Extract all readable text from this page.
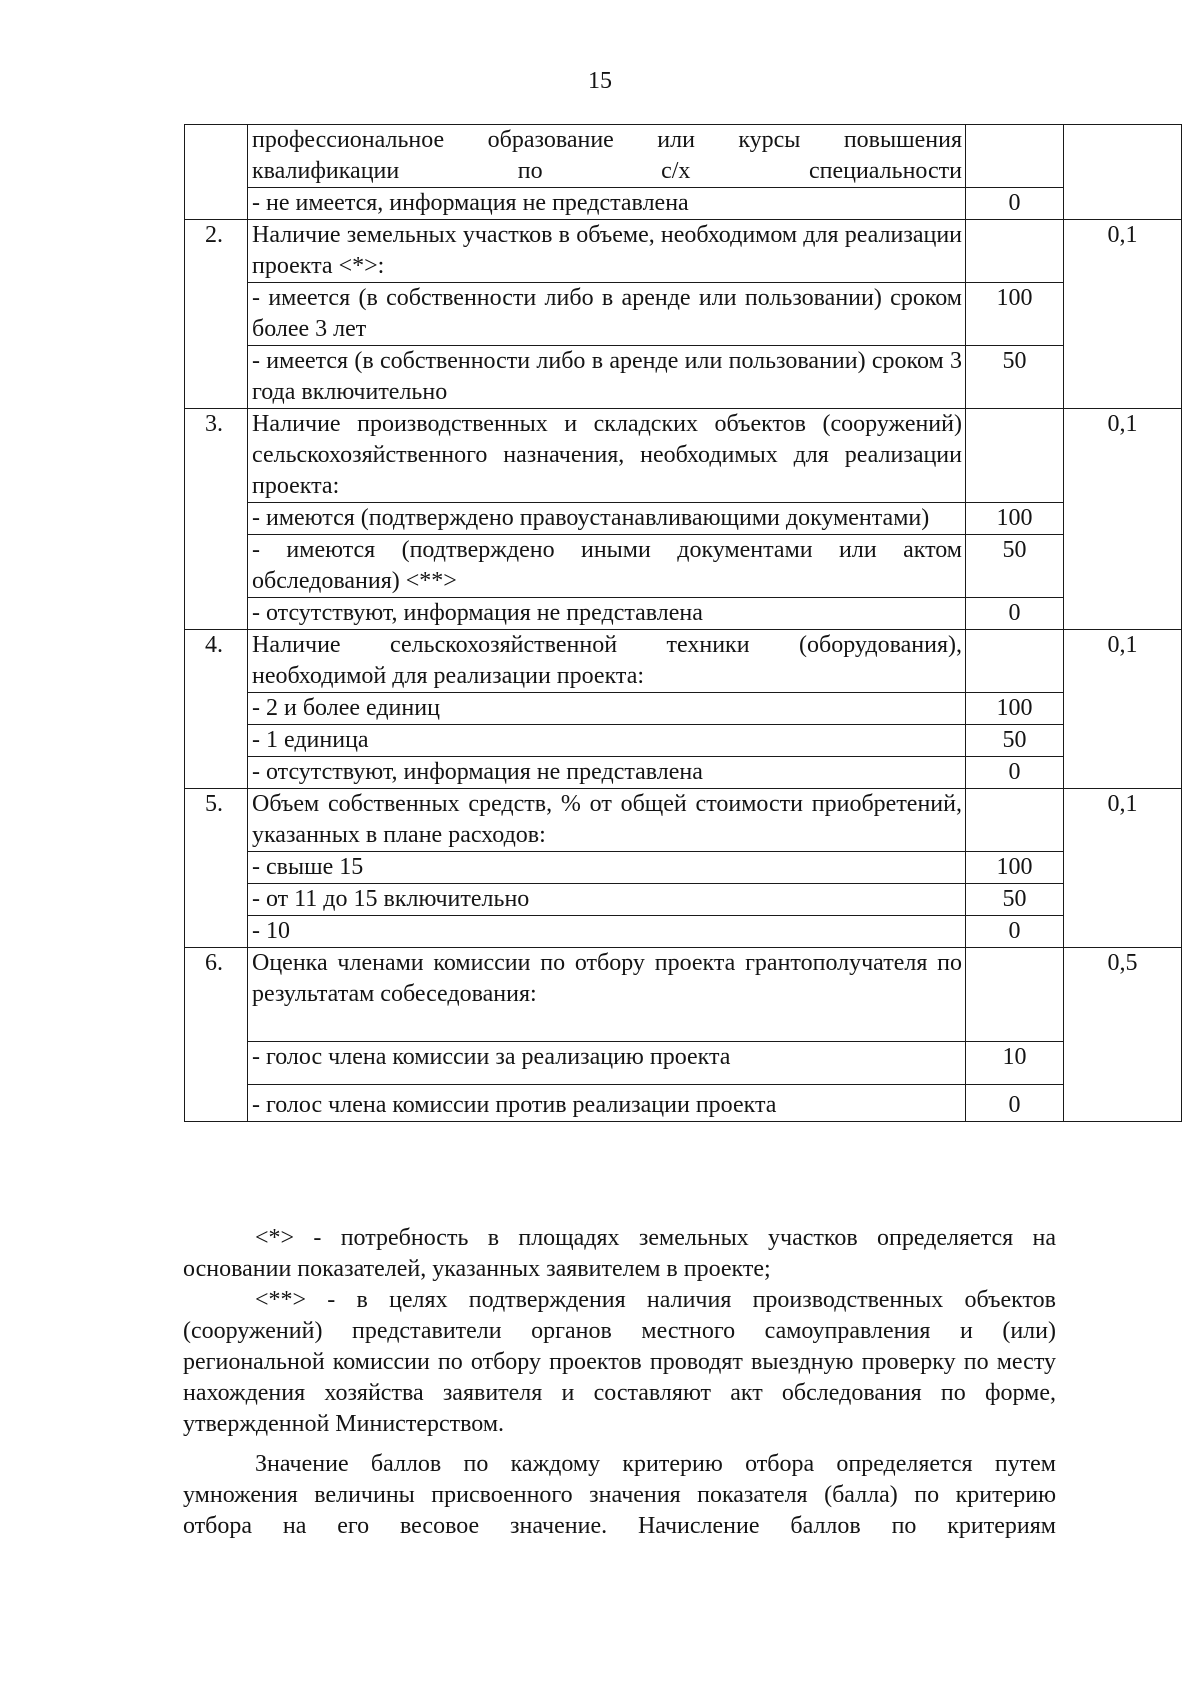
15
	профессиональное образование или курсы повышения квалификации по с/х специальности		
	- не имеется, информация не представлена	0	
2.	Наличие земельных участков в объеме, необходимом для реализации проекта <*>:		0,1
	- имеется (в собственности либо в аренде или пользовании) сроком более 3 лет	100	
	- имеется (в собственности либо в аренде или пользовании) сроком 3 года включительно	50	
3.	Наличие производственных и складских объектов (сооружений) сельскохозяйственного назначения, необходимых для реализации проекта:		0,1
	- имеются (подтверждено правоустанавливающими документами)	100	
	- имеются (подтверждено иными документами или актом обследования) <**>	50	
	- отсутствуют, информация не представлена	0	
4.	Наличие сельскохозяйственной техники (оборудования), необходимой для реализации проекта:		0,1
	- 2 и более единиц	100	
	- 1 единица	50	
	- отсутствуют, информация не представлена	0	
5.	Объем собственных средств, % от общей стоимости приобретений, указанных в плане расходов:		0,1
	- свыше 15	100	
	- от 11 до 15 включительно	50	
	- 10	0	
6.	Оценка членами комиссии по отбору проекта грантополучателя по результатам собеседования:		0,5
	- голос члена комиссии за реализацию проекта	10	
	- голос члена комиссии против реализации проекта	0	

<*> - потребность в площадях земельных участков определяется на основании показателей, указанных заявителем в проекте;

<**> - в целях подтверждения наличия производственных объектов (сооружений) представители органов местного самоуправления и (или) региональной комиссии по отбору проектов проводят выездную проверку по месту нахождения хозяйства заявителя и составляют акт обследования по форме, утвержденной Министерством.

Значение баллов по каждому критерию отбора определяется путем умножения величины присвоенного значения показателя (балла) по критерию отбора на его весовое значение. Начисление баллов по критериям
